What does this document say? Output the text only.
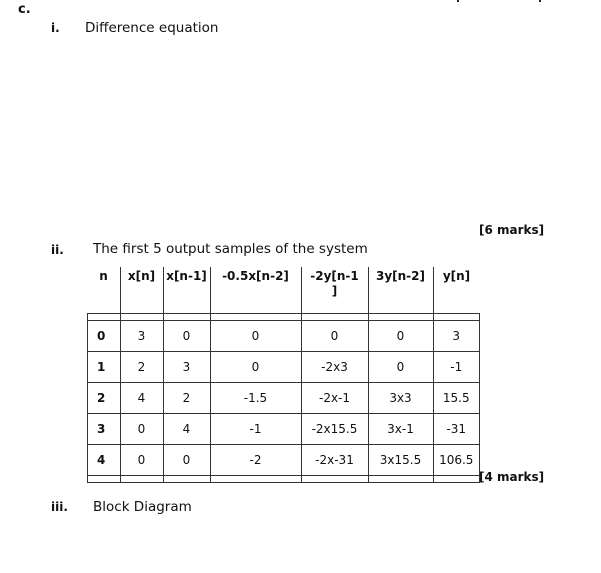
c.
i. Difference equation
[6 marks]
ii. The first 5 output samples of the system
n	x[n]	x[n-1]	-0.5x[n-2]	-2y[n-1
]	3y[n-2]	y[n]

0	3	0	0	0	0	3
1	2	3	0	-2x3	0	-1
2	4	2	-1.5	-2x-1	3x3	15.5
3	0	4	-1	-2x15.5	3x-1	-31
4	0	0	-2	-2x-31	3x15.5	106.5

[4 marks]
iii. Block Diagram
